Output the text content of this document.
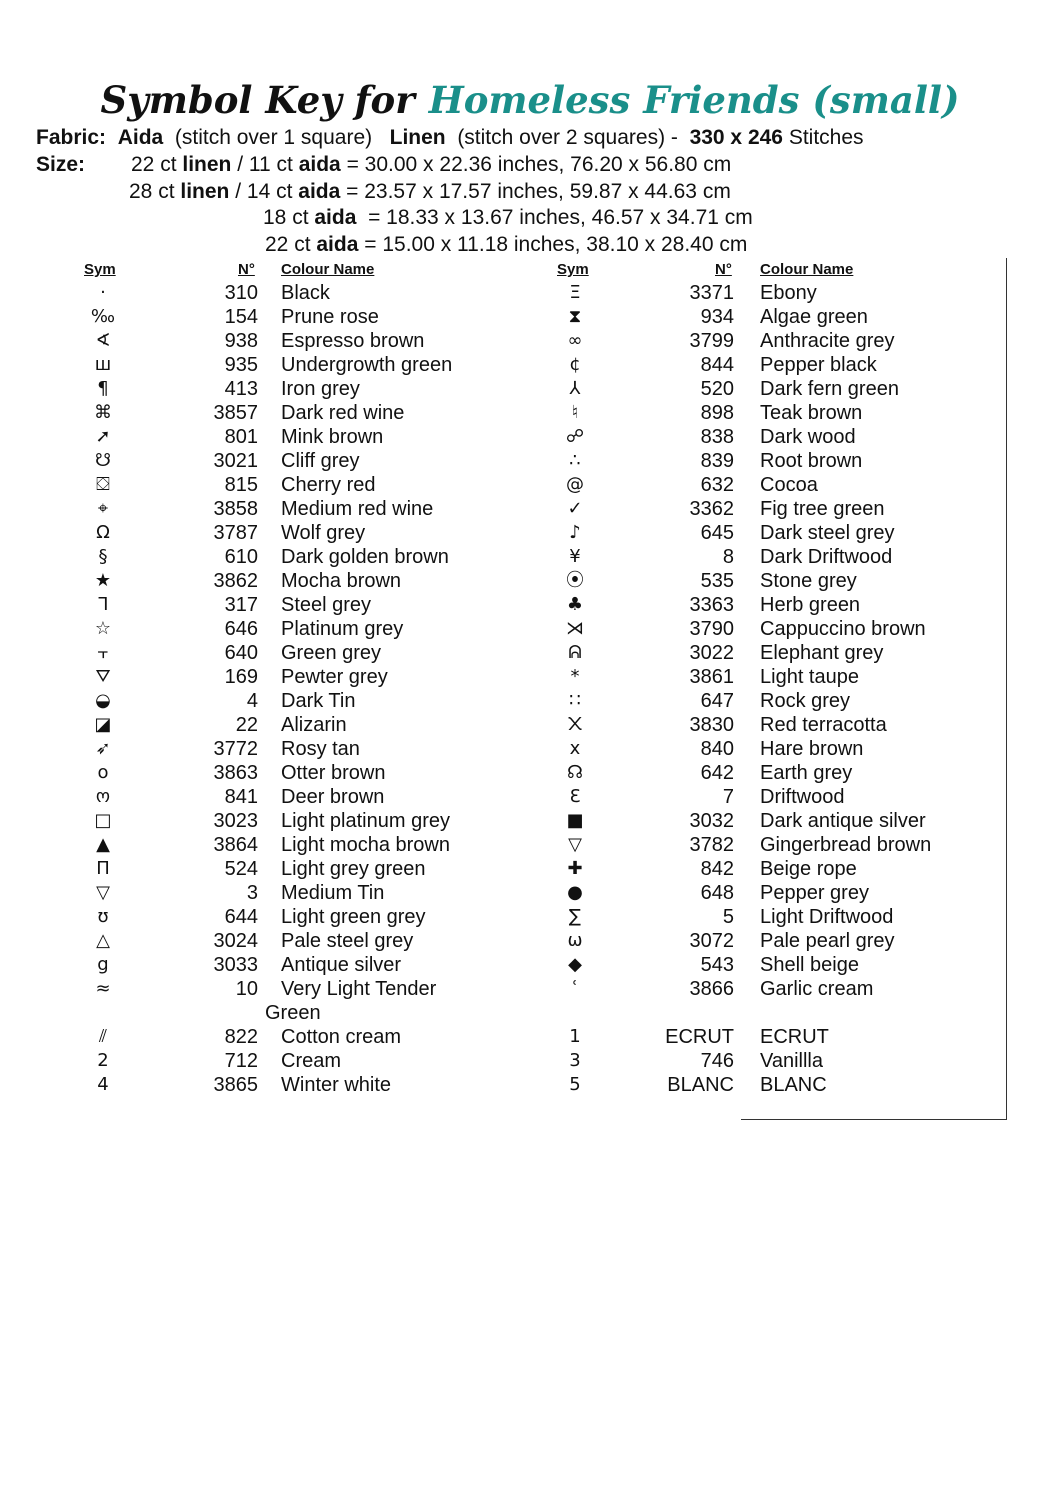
Symbol Key for Homeless Friends (small)
Fabric: Aida (stitch over 1 square) Linen (stitch over 2 squares) - 330 x 246 Stitches
Size: 22 ct linen / 11 ct aida = 30.00 x 22.36 inches, 76.20 x 56.80 cm
28 ct linen / 14 ct aida = 23.57 x 17.57 inches, 59.87 x 44.63 cm
18 ct aida  = 18.33 x 13.67 inches, 46.57 x 34.71 cm
22 ct aida = 15.00 x 11.18 inches, 38.10 x 28.40 cm
Sym	N° Colour Name	Sym	N° Colour Name
·	310 Black
‰	154 Prune rose
∢	938 Espresso brown
ш	935 Undergrowth green
¶	413 Iron grey
⌘	3857 Dark red wine
➚	801 Mink brown
☋	3021 Cliff grey
⛋	815 Cherry red
⌖	3858 Medium red wine
Ω	3787 Wolf grey
§	610 Dark golden brown
★	3862 Mocha brown
ᒣ	317 Steel grey
☆	646 Platinum grey
⫟	640 Green grey
⛛	169 Pewter grey
◒	4 Dark Tin
◪	22 Alizarin
➶	3772 Rosy tan
o	3863 Otter brown
ო	841 Deer brown
□	3023 Light platinum grey
▲	3864 Light mocha brown
Π	524 Light grey green
▽	3 Medium Tin
ʊ	644 Light green grey
△	3024 Pale steel grey
g	3033 Antique silver
≈	10 Very Light Tender
Green
⫽	822 Cotton cream
2	712 Cream
4	3865 Winter white
Ξ	3371 Ebony
⧗	934 Algae green
∞	3799 Anthracite grey
¢	844 Pepper black
⅄	520 Dark fern green
♮	898 Teak brown
☍	838 Dark wood
∴	839 Root brown
@	632 Cocoa
✓	3362 Fig tree green
♪	645 Dark steel grey
¥	8 Dark Driftwood
⦿	535 Stone grey
♣	3363 Herb green
⋊	3790 Cappuccino brown
ᕱ	3022 Elephant grey
*	3861 Light taupe
∷	647 Rock grey
᙭	3830 Red terracotta
x	840 Hare brown
☊	642 Earth grey
Ɛ	7 Driftwood
■	3032 Dark antique silver
▽	3782 Gingerbread brown
✚	842 Beige rope
●	648 Pepper grey
∑	5 Light Driftwood
ω	3072 Pale pearl grey
◆	543 Shell beige
ʿ	3866 Garlic cream
1	ECRUT ECRUT
3	746 Vanillla
5	BLANC BLANC
